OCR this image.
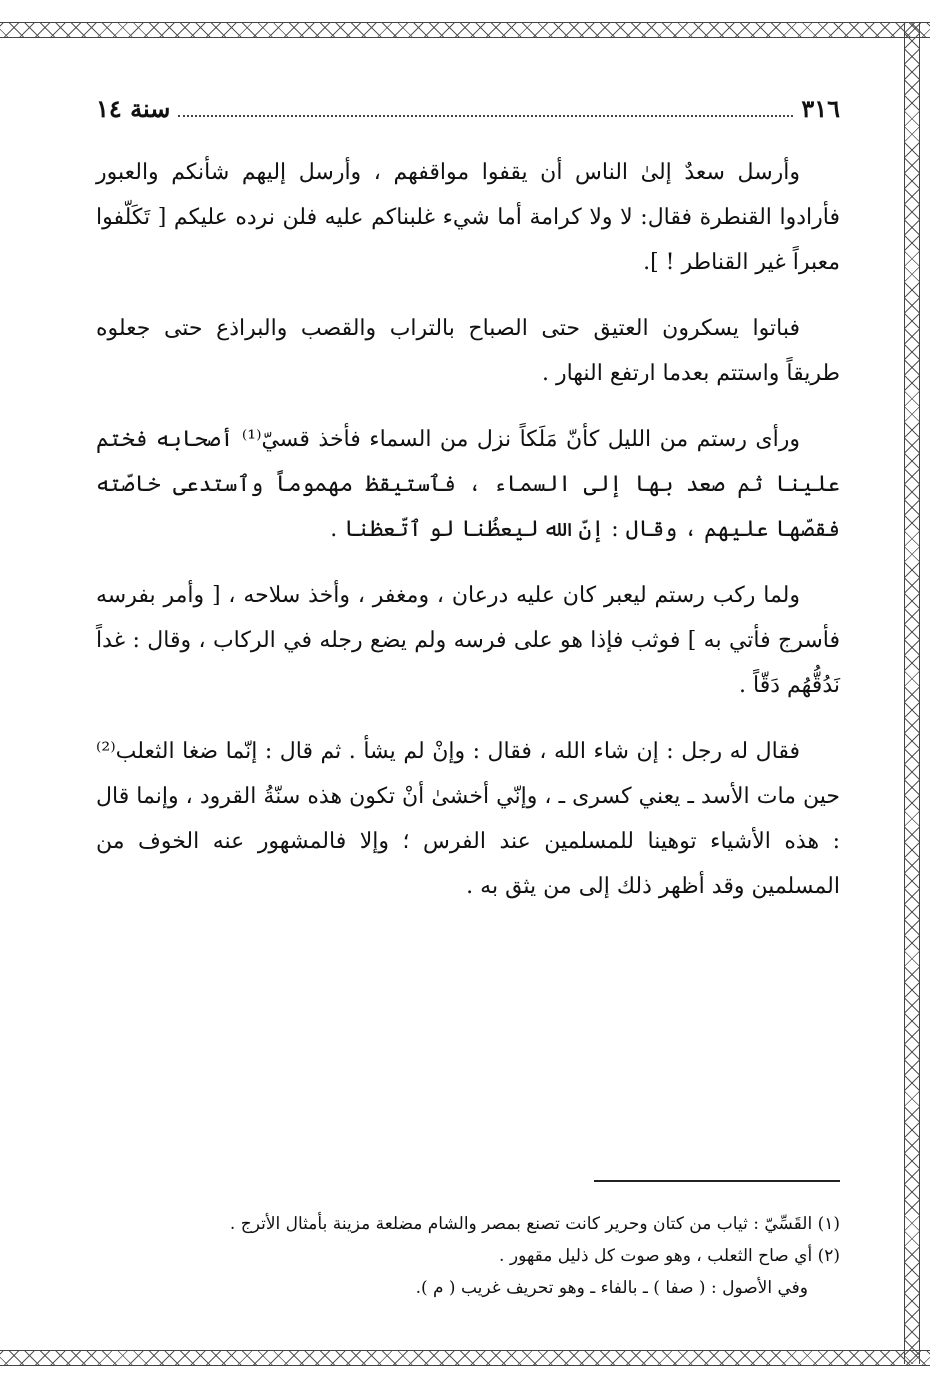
٣١٦
سنة ١٤

وأرسل سعدٌ إلىٰ الناس أن يقفوا مواقفهم ، وأرسل إليهم شأنكم والعبور فأرادوا القنطرة فقال: لا ولا كرامة أما شيء غلبناكم عليه فلن نرده عليكم [ تَكَلّفوا معبراً غير القناطر ! ].

فباتوا يسكرون العتيق حتى الصباح بالتراب والقصب والبراذع حتى جعلوه طريقاً واستتم بعدما ارتفع النهار .

ورأى رستم من الليل كأنّ مَلَكاً نزل من السماء فأخذ قسيّ⁽¹⁾ أصحابه فختم علينا ثم صعد بها إلى السماء ، فٱستيقظ مهموماً وٱستدعى خاصّته فقصّها عليهم ، وقال : إنّ الله ليعظُنا لو ٱتّعظنا .

ولما ركب رستم ليعبر كان عليه درعان ، ومغفر ، وأخذ سلاحه ، [ وأمر بفرسه فأسرج فأتي به ] فوثب فإذا هو على فرسه ولم يضع رجله في الركاب ، وقال : غداً نَدُقُّهُم دَقّاً .

فقال له رجل : إن شاء الله ، فقال : وإنْ لم يشأ . ثم قال : إنّما ضغا الثعلب⁽²⁾ حين مات الأسد ـ يعني كسرى ـ ، وإنّي أخشىٰ أنْ تكون هذه سنّةُ القرود ، وإنما قال : هذه الأشياء توهينا للمسلمين عند الفرس ؛ وإلا فالمشهور عنه الخوف من المسلمين وقد أظهر ذلك إلى من يثق به .

(١) القَسِّيّ : ثياب من كتان وحرير كانت تصنع بمصر والشام مضلعة مزينة بأمثال الأترج .
(٢) أي صاح الثعلب ، وهو صوت كل ذليل مقهور .
وفي الأصول : ( صفا ) ـ بالفاء ـ وهو تحريف غريب ( م ).
